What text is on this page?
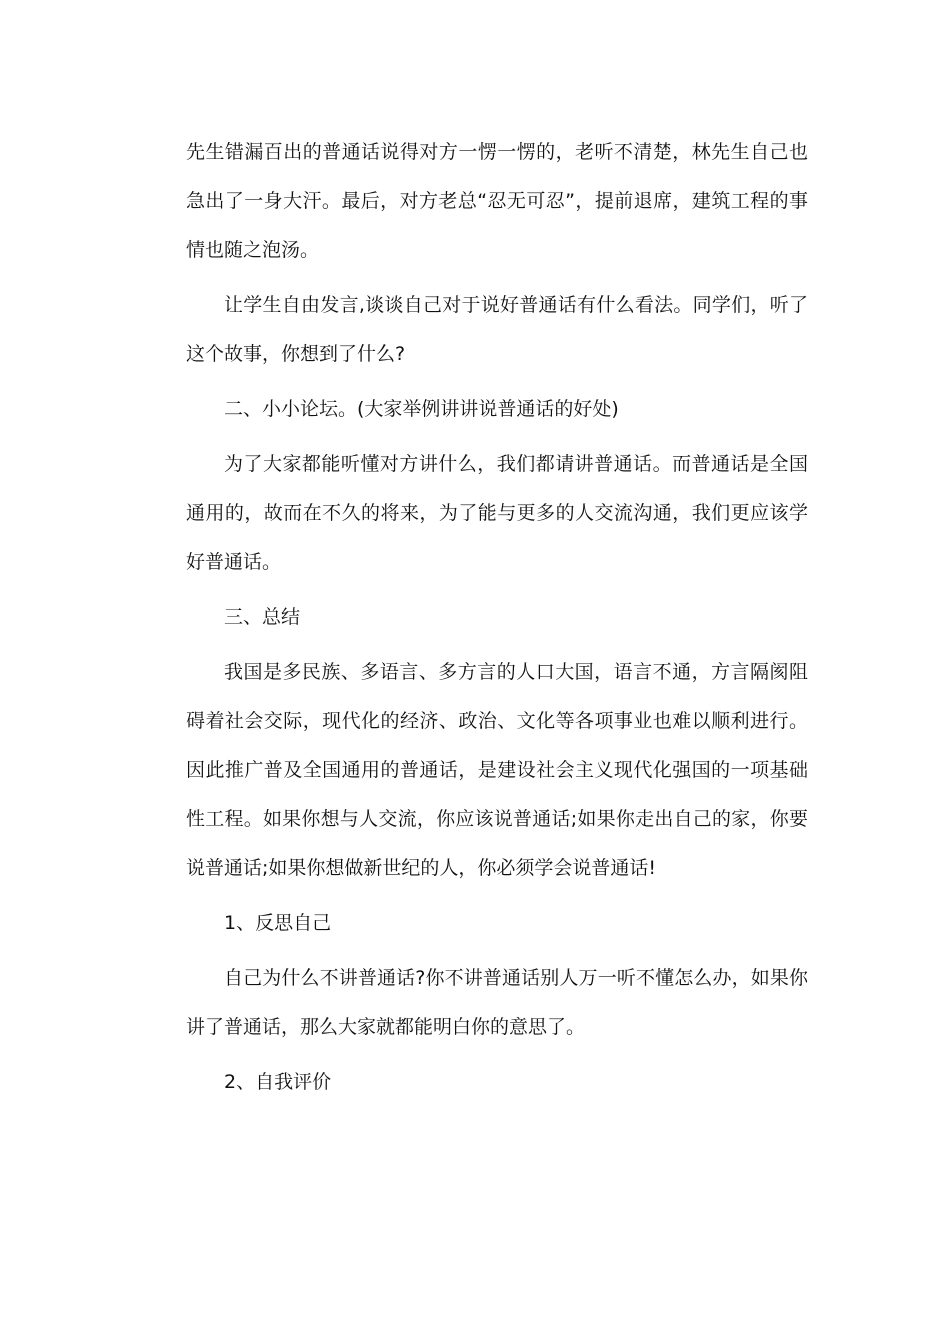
先生错漏百出的普通话说得对方一愣一愣的，老听不清楚，林先生自己也急出了一身大汗。最后，对方老总“忍无可忍”，提前退席，建筑工程的事情也随之泡汤。

让学生自由发言,谈谈自己对于说好普通话有什么看法。同学们，听了这个故事，你想到了什么?

二、小小论坛。(大家举例讲讲说普通话的好处)

为了大家都能听懂对方讲什么，我们都请讲普通话。而普通话是全国通用的，故而在不久的将来，为了能与更多的人交流沟通，我们更应该学好普通话。

三、总结

我国是多民族、多语言、多方言的人口大国，语言不通，方言隔阂阻碍着社会交际，现代化的经济、政治、文化等各项事业也难以顺利进行。因此推广普及全国通用的普通话，是建设社会主义现代化强国的一项基础性工程。如果你想与人交流，你应该说普通话;如果你走出自己的家，你要说普通话;如果你想做新世纪的人，你必须学会说普通话!

1、反思自己

自己为什么不讲普通话?你不讲普通话别人万一听不懂怎么办，如果你讲了普通话，那么大家就都能明白你的意思了。

2、自我评价
